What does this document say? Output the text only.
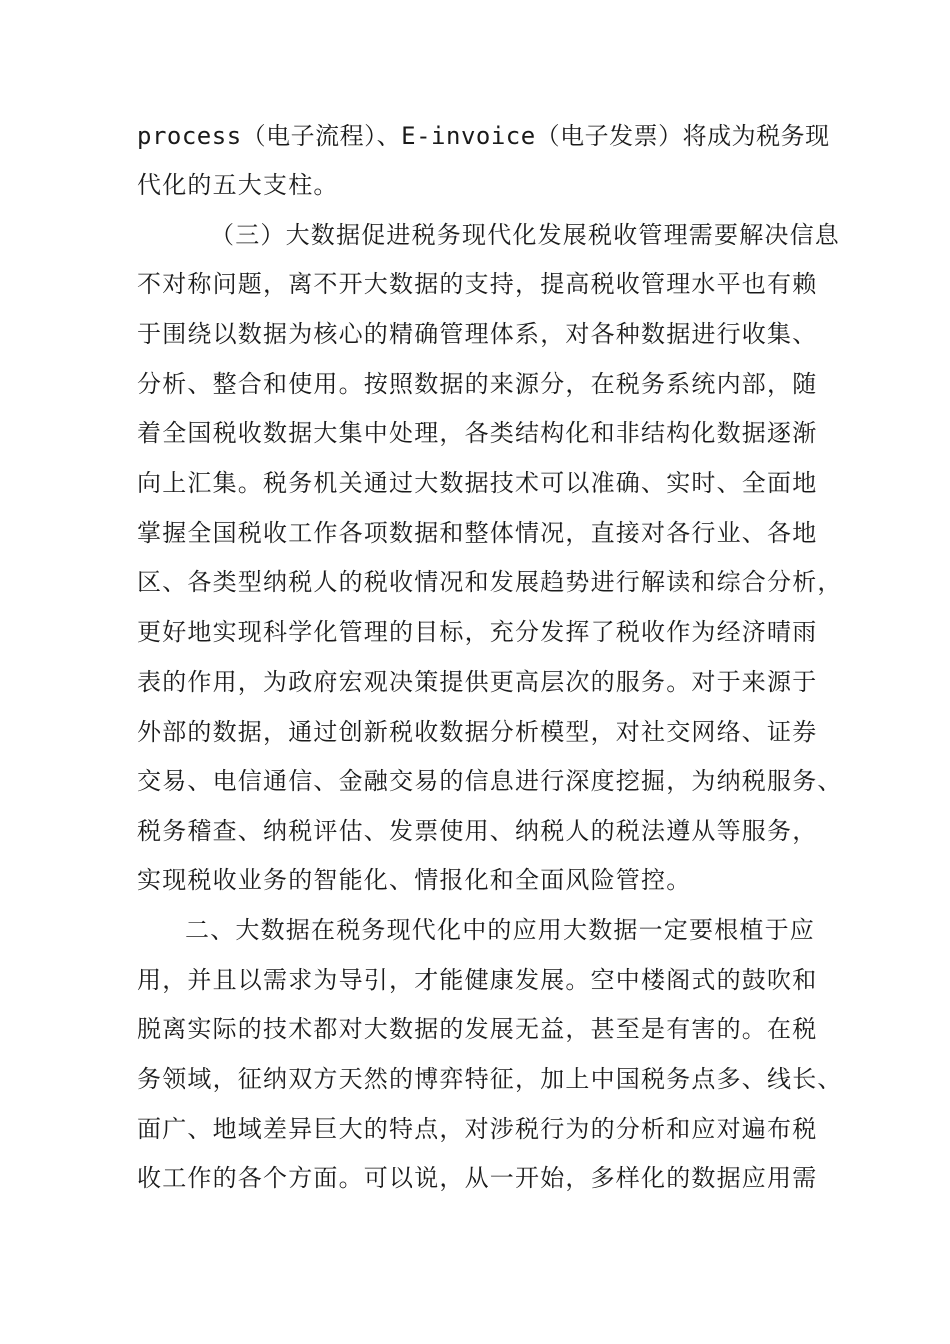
process（电子流程）、E-invoice（电子发票）将成为税务现
代化的五大支柱。
（三）大数据促进税务现代化发展税收管理需要解决信息
不对称问题，离不开大数据的支持，提高税收管理水平也有赖
于围绕以数据为核心的精确管理体系，对各种数据进行收集、
分析、整合和使用。按照数据的来源分，在税务系统内部，随
着全国税收数据大集中处理，各类结构化和非结构化数据逐渐
向上汇集。税务机关通过大数据技术可以准确、实时、全面地
掌握全国税收工作各项数据和整体情况，直接对各行业、各地
区、各类型纳税人的税收情况和发展趋势进行解读和综合分析，
更好地实现科学化管理的目标，充分发挥了税收作为经济晴雨
表的作用，为政府宏观决策提供更高层次的服务。对于来源于
外部的数据，通过创新税收数据分析模型，对社交网络、证券
交易、电信通信、金融交易的信息进行深度挖掘，为纳税服务、
税务稽查、纳税评估、发票使用、纳税人的税法遵从等服务，
实现税收业务的智能化、情报化和全面风险管控。
二、大数据在税务现代化中的应用大数据一定要根植于应
用，并且以需求为导引，才能健康发展。空中楼阁式的鼓吹和
脱离实际的技术都对大数据的发展无益，甚至是有害的。在税
务领域，征纳双方天然的博弈特征，加上中国税务点多、线长、
面广、地域差异巨大的特点，对涉税行为的分析和应对遍布税
收工作的各个方面。可以说，从一开始，多样化的数据应用需
